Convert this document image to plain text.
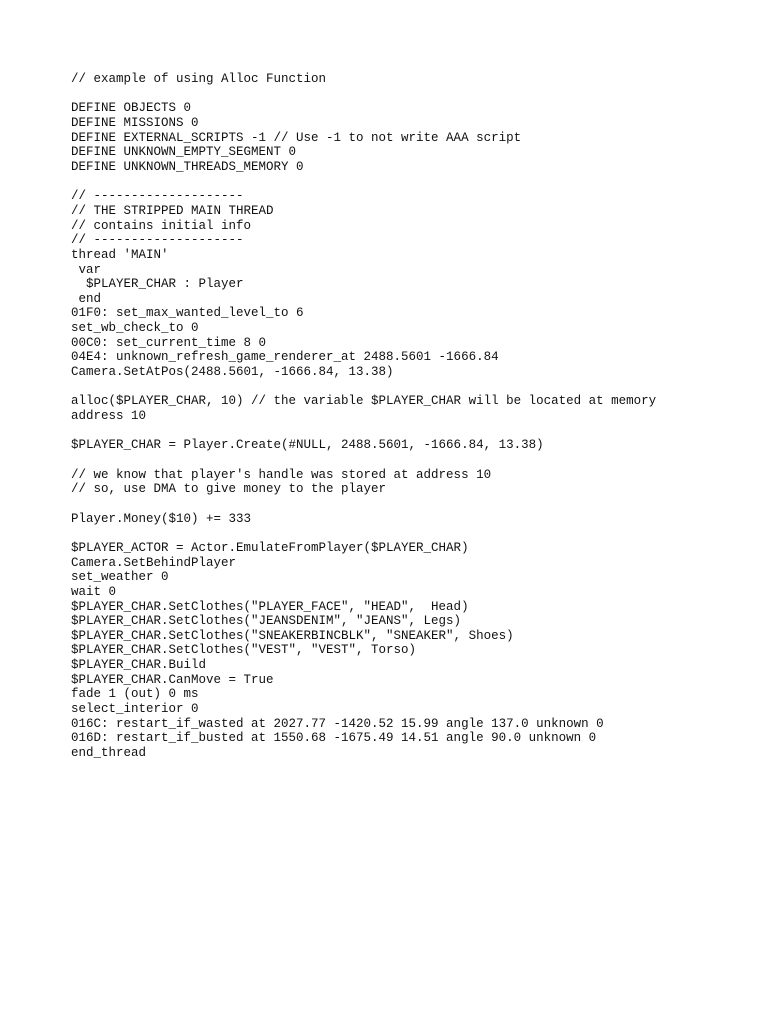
// example of using Alloc Function
DEFINE OBJECTS 0
DEFINE MISSIONS 0
DEFINE EXTERNAL_SCRIPTS -1 // Use -1 to not write AAA script
DEFINE UNKNOWN_EMPTY_SEGMENT 0
DEFINE UNKNOWN_THREADS_MEMORY 0
// --------------------
// THE STRIPPED MAIN THREAD
// contains initial info
// --------------------
thread 'MAIN'
var
$PLAYER_CHAR : Player
end
01F0: set_max_wanted_level_to 6
set_wb_check_to 0
00C0: set_current_time 8 0
04E4: unknown_refresh_game_renderer_at 2488.5601 -1666.84
Camera.SetAtPos(2488.5601, -1666.84, 13.38)
alloc($PLAYER_CHAR, 10) // the variable $PLAYER_CHAR will be located at memory
address 10
$PLAYER_CHAR = Player.Create(#NULL, 2488.5601, -1666.84, 13.38)
// we know that player's handle was stored at address 10
// so, use DMA to give money to the player
Player.Money($10) += 333
$PLAYER_ACTOR = Actor.EmulateFromPlayer($PLAYER_CHAR)
Camera.SetBehindPlayer
set_weather 0
wait 0
$PLAYER_CHAR.SetClothes("PLAYER_FACE", "HEAD",  Head)
$PLAYER_CHAR.SetClothes("JEANSDENIM", "JEANS", Legs)
$PLAYER_CHAR.SetClothes("SNEAKERBINCBLK", "SNEAKER", Shoes)
$PLAYER_CHAR.SetClothes("VEST", "VEST", Torso)
$PLAYER_CHAR.Build
$PLAYER_CHAR.CanMove = True
fade 1 (out) 0 ms
select_interior 0
016C: restart_if_wasted at 2027.77 -1420.52 15.99 angle 137.0 unknown 0
016D: restart_if_busted at 1550.68 -1675.49 14.51 angle 90.0 unknown 0
end_thread
